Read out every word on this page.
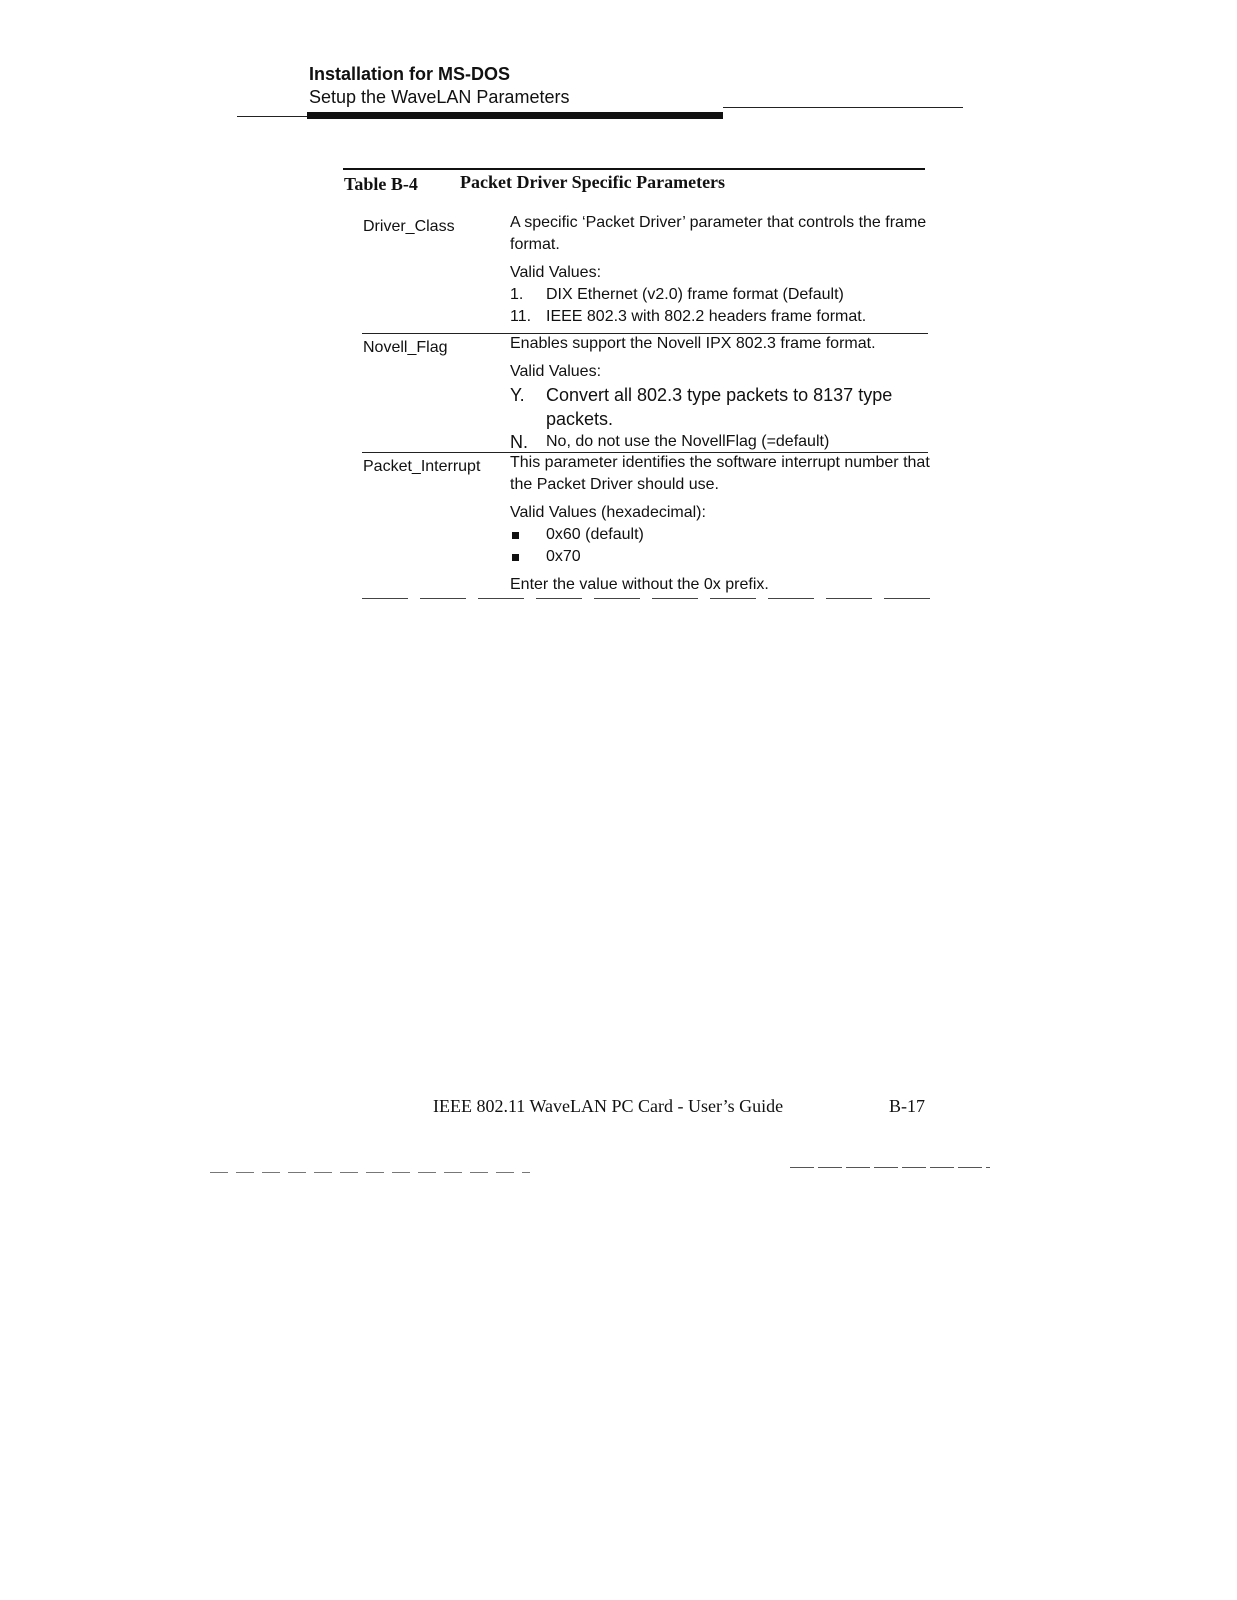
Installation for MS-DOS
Setup the WaveLAN Parameters
Table B-4 Packet Driver Specific Parameters
Driver_Class	A specific ‘Packet Driver’ parameter that controls the frame format.

Valid Values:

1.	DIX Ethernet (v2.0) frame format (Default)
11. IEEE 802.3 with 802.2 headers frame format.
Novell_Flag	Enables support the Novell IPX 802.3 frame format.

Valid Values:

Y.	Convert all 802.3 type packets to 8137 type packets.
N.	No, do not use the NovellFlag (=default)
Packet_Interrupt This parameter identifies the software interrupt number that the Packet Driver should use.

Valid Values (hexadecimal):

0x60 (default)
0x70

Enter the value without the 0x prefix.

IEEE 802.11 WaveLAN PC Card - User’s Guide	B-17
